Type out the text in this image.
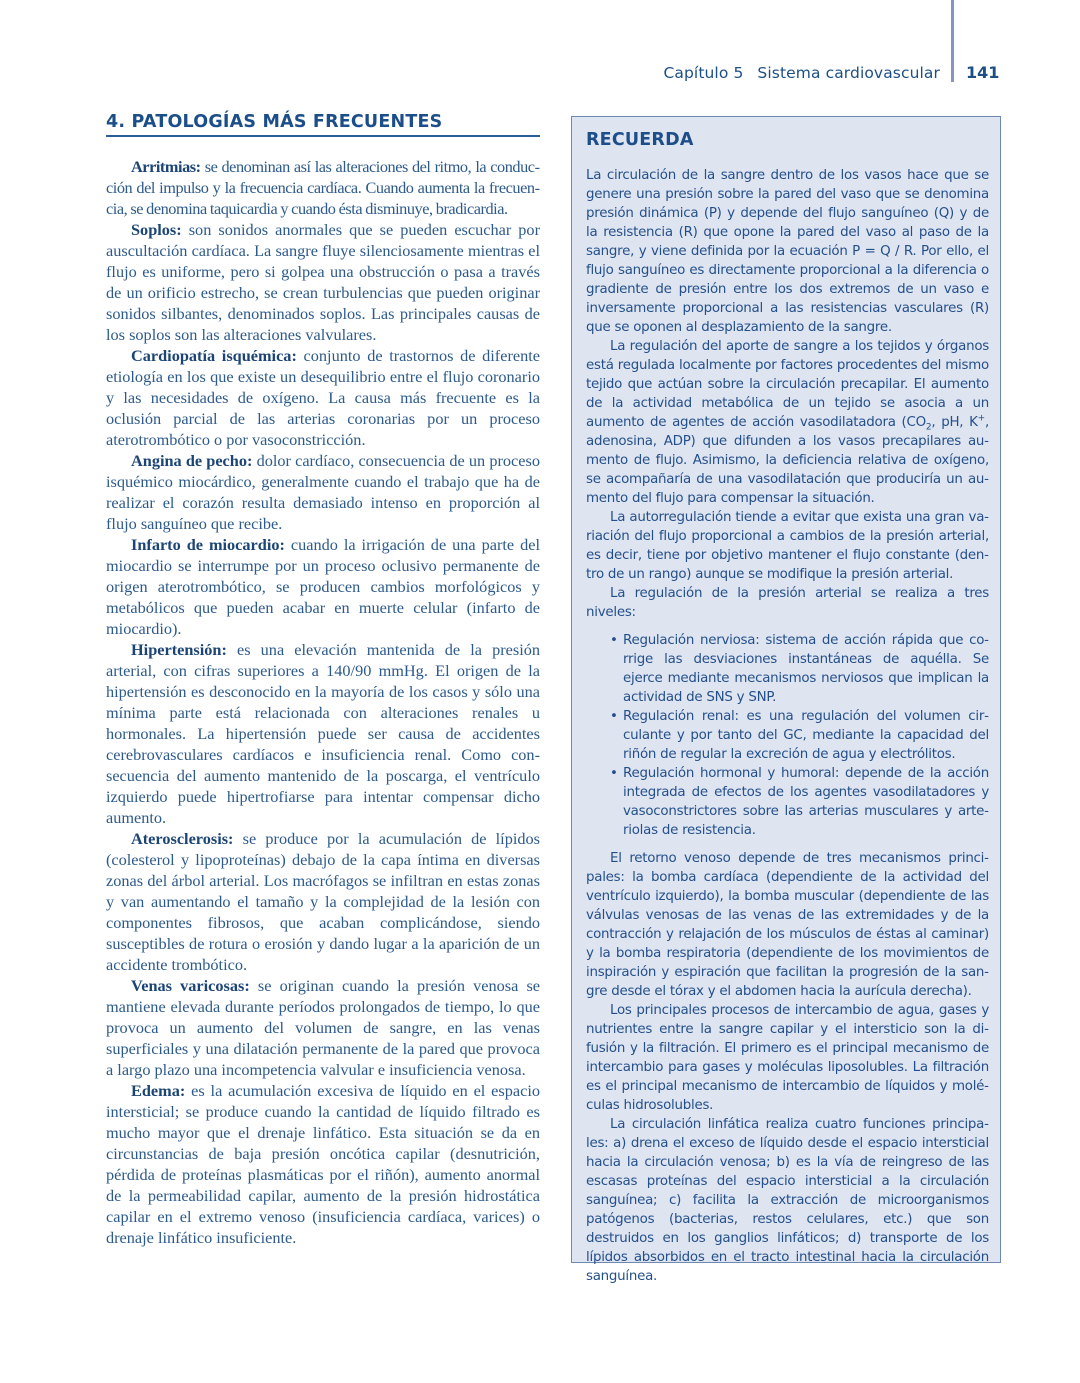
Capítulo 5 Sistema cardiovascular 141
4. PATOLOGÍAS MÁS FRECUENTES

Arritmias: se denominan así las alteraciones del ritmo, la conducción del impulso y la frecuencia cardíaca. Cuando aumenta la frecuencia, se denomina taquicardia y cuando ésta disminuye, bradicardia.

Soplos: son sonidos anormales que se pueden escuchar por auscultación cardíaca. La sangre fluye silenciosamente mientras el flujo es uniforme, pero si golpea una obstrucción o pasa a través de un orificio estrecho, se crean turbulencias que pueden originar sonidos silbantes, denominados soplos. Las principales causas de los soplos son las alteraciones valvulares.

Cardiopatía isquémica: conjunto de trastornos de diferente etiología en los que existe un desequilibrio entre el flujo coronario y las necesidades de oxígeno. La causa más frecuente es la oclusión parcial de las arterias coronarias por un proceso aterotrombótico o por vasoconstricción.

Angina de pecho: dolor cardíaco, consecuencia de un proceso isquémico miocárdico, generalmente cuando el trabajo que ha de realizar el corazón resulta demasiado intenso en proporción al flujo sanguíneo que recibe.

Infarto de miocardio: cuando la irrigación de una parte del miocardio se interrumpe por un proceso oclusivo permanente de origen aterotrombótico, se producen cambios morfológicos y metabólicos que pueden acabar en muerte celular (infarto de miocardio).

Hipertensión: es una elevación mantenida de la presión arterial, con cifras superiores a 140/90 mmHg. El origen de la hipertensión es desconocido en la mayoría de los casos y sólo una mínima parte está relacionada con alteraciones renales u hormonales. La hipertensión puede ser causa de accidentes cerebrovasculares cardíacos e insuficiencia renal. Como consecuencia del aumento mantenido de la poscarga, el ventrículo izquierdo puede hipertrofiarse para intentar compensar dicho aumento.

Aterosclerosis: se produce por la acumulación de lípidos (colesterol y lipoproteínas) debajo de la capa íntima en diversas zonas del árbol arterial. Los macrófagos se infiltran en estas zonas y van aumentando el tamaño y la complejidad de la lesión con componentes fibrosos, que acaban complicándose, siendo susceptibles de rotura o erosión y dando lugar a la aparición de un accidente trombótico.

Venas varicosas: se originan cuando la presión venosa se mantiene elevada durante períodos prolongados de tiempo, lo que provoca un aumento del volumen de sangre, en las venas superficiales y una dilatación permanente de la pared que provoca a largo plazo una incompetencia valvular e insuficiencia venosa.

Edema: es la acumulación excesiva de líquido en el espacio intersticial; se produce cuando la cantidad de líquido filtrado es mucho mayor que el drenaje linfático. Esta situación se da en circunstancias de baja presión oncótica capilar (desnutrición, pérdida de proteínas plasmáticas por el riñón), aumento anormal de la permeabilidad capilar, aumento de la presión hidrostática capilar en el extremo venoso (insuficiencia cardíaca, varices) o drenaje linfático insuficiente.

RECUERDA

La circulación de la sangre dentro de los vasos hace que se genere una presión sobre la pared del vaso que se denomina presión dinámica (P) y depende del flujo sanguíneo (Q) y de la resistencia (R) que opone la pared del vaso al paso de la sangre, y viene definida por la ecuación P = Q / R. Por ello, el flujo sanguíneo es directamente proporcional a la diferencia o gradiente de presión entre los dos extremos de un vaso e inversamente proporcional a las resistencias vasculares (R) que se oponen al desplazamiento de la sangre.

La regulación del aporte de sangre a los tejidos y órganos está regulada localmente por factores procedentes del mismo tejido que actúan sobre la circulación precapilar. El aumento de la actividad metabólica de un tejido se asocia a un aumento de agentes de acción vasodilatadora ($CO_2$, pH, K+, adenosina, ADP) que difunden a los vasos precapilares aumento de flujo. Asimismo, la deficiencia relativa de oxígeno, se acompañaría de una vasodilatación que produciría un aumento del flujo para compensar la situación.

La autorregulación tiende a evitar que exista una gran variación del flujo proporcional a cambios de la presión arterial, es decir, tiene por objetivo mantener el flujo constante (dentro de un rango) aunque se modifique la presión arterial.

La regulación de la presión arterial se realiza a tres niveles:

• Regulación nerviosa: sistema de acción rápida que corrige las desviaciones instantáneas de aquélla. Se ejerce mediante mecanismos nerviosos que implican la actividad de SNS y SNP.
• Regulación renal: es una regulación del volumen circulante y por tanto del GC, mediante la capacidad del riñón de regular la excreción de agua y electrólitos.
• Regulación hormonal y humoral: depende de la acción integrada de efectos de los agentes vasodilatadores y vasoconstrictores sobre las arterias musculares y arteriolas de resistencia.

El retorno venoso depende de tres mecanismos principales: la bomba cardíaca (dependiente de la actividad del ventrículo izquierdo), la bomba muscular (dependiente de las válvulas venosas de las venas de las extremidades y de la contracción y relajación de los músculos de éstas al caminar) y la bomba respiratoria (dependiente de los movimientos de inspiración y espiración que facilitan la progresión de la sangre desde el tórax y el abdomen hacia la aurícula derecha).

Los principales procesos de intercambio de agua, gases y nutrientes entre la sangre capilar y el intersticio son la difusión y la filtración. El primero es el principal mecanismo de intercambio para gases y moléculas liposolubles. La filtración es el principal mecanismo de intercambio de líquidos y moléculas hidrosolubles.

La circulación linfática realiza cuatro funciones principales: a) drena el exceso de líquido desde el espacio intersticial hacia la circulación venosa; b) es la vía de reingreso de las escasas proteínas del espacio intersticial a la circulación sanguínea; c) facilita la extracción de microorganismos patógenos (bacterias, restos celulares, etc.) que son destruidos en los ganglios linfáticos; d) transporte de los lípidos absorbidos en el tracto intestinal hacia la circulación sanguínea.
